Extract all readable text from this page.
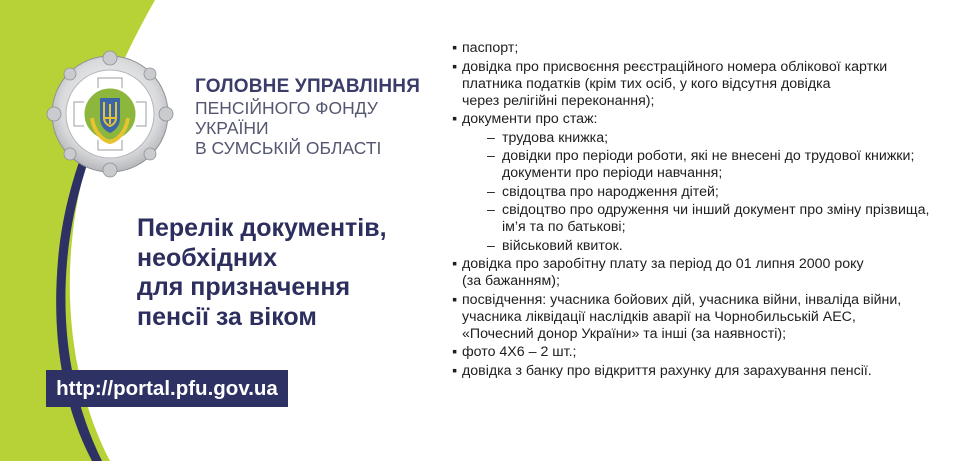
ГОЛОВНЕ УПРАВЛІННЯ
ПЕНСІЙНОГО ФОНДУ УКРАЇНИ
В СУМСЬКІЙ ОБЛАСТІ
Перелік документів,
необхідних
для призначення
пенсії за віком
http://portal.pfu.gov.ua
▪ паспорт;
▪ довідка про присвоєння реєстраційного номера облікової картки
платника податків (крім тих осіб, у кого відсутня довідка
через релігійні переконання);
▪ документи про стаж:
– трудова книжка;
– довідки про періоди роботи, які не внесені до трудової книжки;
документи про періоди навчання;
– свідоцтва про народження дітей;
– свідоцтво про одруження чи інший документ про зміну прізвища,
ім’я та по батькові;
– військовий квиток.
▪ довідка про заробітну плату за період до 01 липня 2000 року
(за бажанням);
▪ посвідчення: учасника бойових дій, учасника війни, інваліда війни,
учасника ліквідації наслідків аварії на Чорнобильській АЕС,
«Почесний донор України» та інші (за наявності);
▪ фото 4Х6 – 2 шт.;
▪ довідка з банку про відкриття рахунку для зарахування пенсії.
